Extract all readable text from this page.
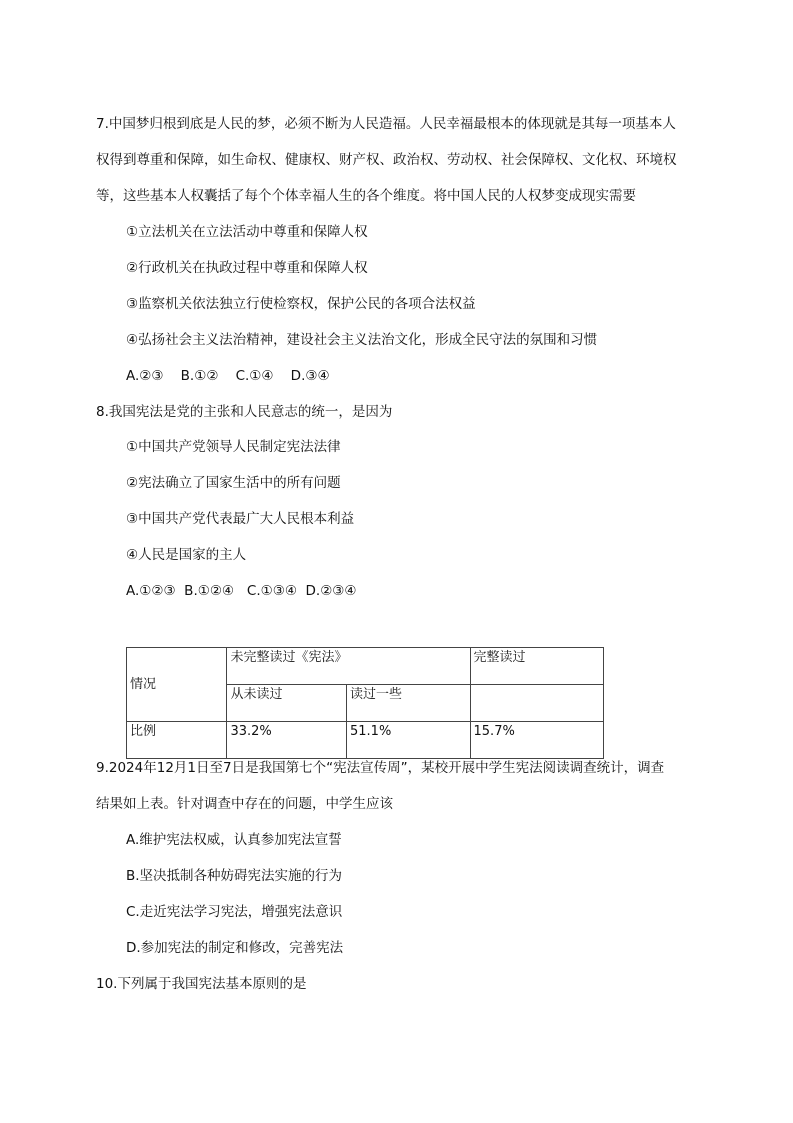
7.中国梦归根到底是人民的梦，必须不断为人民造福。人民幸福最根本的体现就是其每一项基本人
权得到尊重和保障，如生命权、健康权、财产权、政治权、劳动权、社会保障权、文化权、环境权
等，这些基本人权囊括了每个个体幸福人生的各个维度。将中国人民的人权梦变成现实需要
①立法机关在立法活动中尊重和保障人权
②行政机关在执政过程中尊重和保障人权
③监察机关依法独立行使检察权，保护公民的各项合法权益
④弘扬社会主义法治精神，建设社会主义法治文化，形成全民守法的氛围和习惯
A.②③    B.①②    C.①④    D.③④
8.我国宪法是党的主张和人民意志的统一，是因为
①中国共产党领导人民制定宪法法律
②宪法确立了国家生活中的所有问题
③中国共产党代表最广大人民根本利益
④人民是国家的主人
A.①②③  B.①②④   C.①③④  D.②③④
情况	未完整读过《宪法》		完整读过
	从未读过	读过一些	
比例	33.2%	51.1%	15.7%
9.2024年12月1日至7日是我国第七个“宪法宣传周”，某校开展中学生宪法阅读调查统计，调查
结果如上表。针对调查中存在的问题，中学生应该
A.维护宪法权威，认真参加宪法宣誓
B.坚决抵制各种妨碍宪法实施的行为
C.走近宪法学习宪法，增强宪法意识
D.参加宪法的制定和修改，完善宪法
10.下列属于我国宪法基本原则的是
